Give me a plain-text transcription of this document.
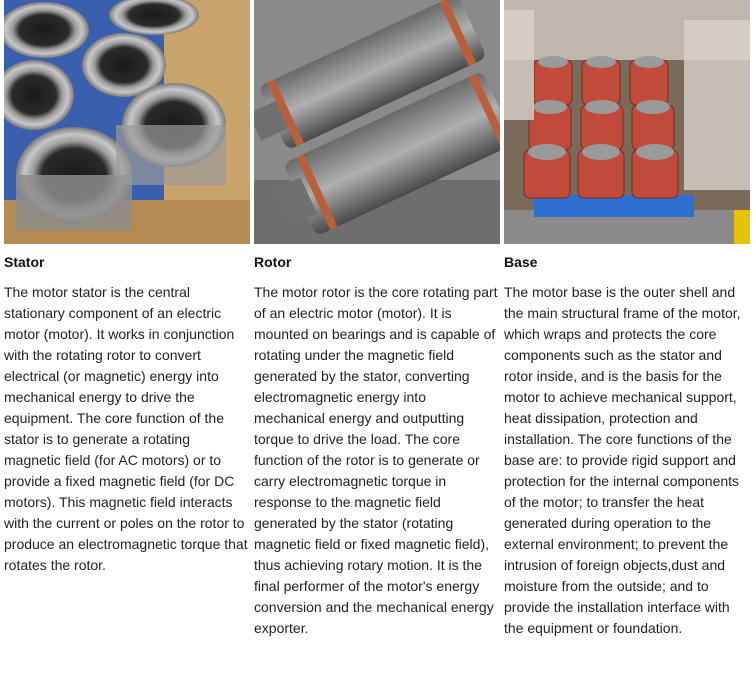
Stator
The motor stator is the central stationary component of an electric motor (motor). It works in conjunction with the rotating rotor to convert electrical (or magnetic) energy into mechanical energy to drive the equipment. The core function of the stator is to generate a rotating magnetic field (for AC motors) or to provide a fixed magnetic field (for DC motors). This magnetic field interacts with the current or poles on the rotor to produce an electromagnetic torque that rotates the rotor.
Rotor
The motor rotor is the core rotating part of an electric motor (motor). It is mounted on bearings and is capable of rotating under the magnetic field generated by the stator, converting electromagnetic energy into mechanical energy and outputting torque to drive the load. The core function of the rotor is to generate or carry electromagnetic torque in response to the magnetic field generated by the stator (rotating magnetic field or fixed magnetic field), thus achieving rotary motion. It is the final performer of the motor's energy conversion and the mechanical energy exporter.
Base
The motor base is the outer shell and the main structural frame of the motor, which wraps and protects the core components such as the stator and rotor inside, and is the basis for the motor to achieve mechanical support, heat dissipation, protection and installation. The core functions of the base are: to provide rigid support and protection for the internal components of the motor; to transfer the heat generated during operation to the external environment; to prevent the intrusion of foreign objects,dust and moisture from the outside; and to provide the installation interface with the equipment or foundation.
